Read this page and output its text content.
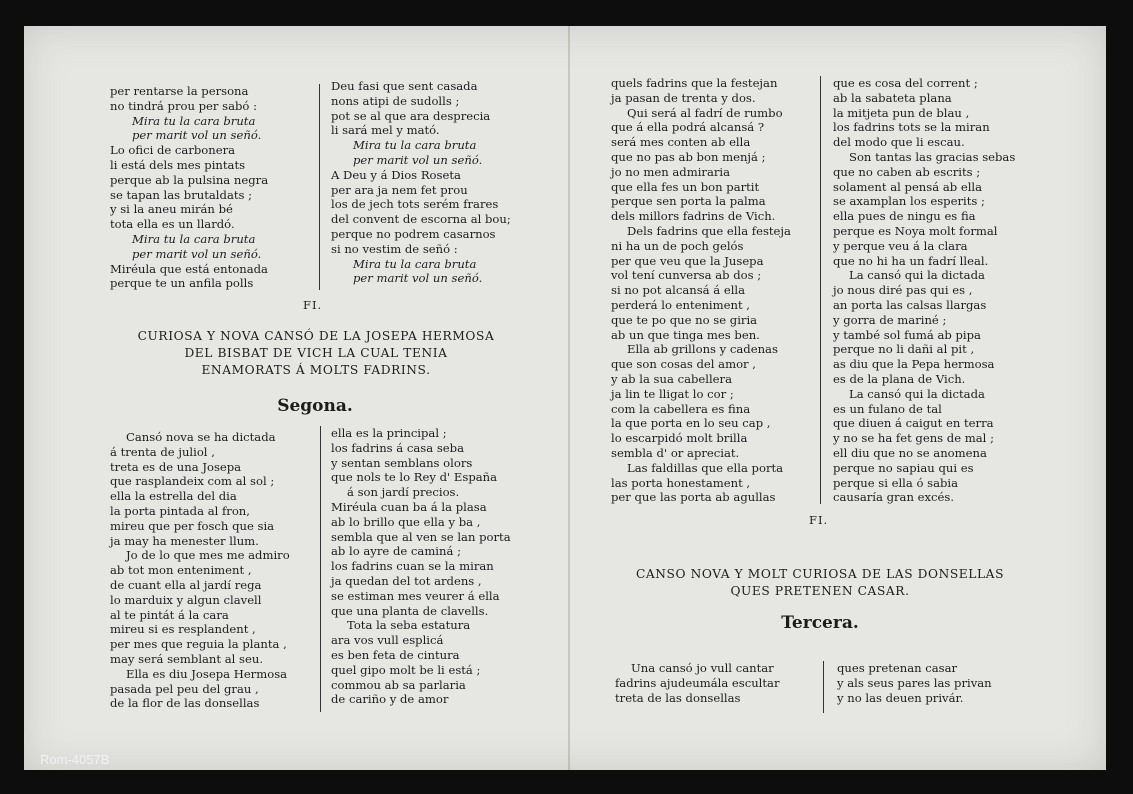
per rentarse la persona
no tindrá prou per sabó :
Mira tu la cara bruta
per marit vol un señó.
Lo ofici de carbonera
li está dels mes pintats
perque ab la pulsina negra
se tapan las brutaldats ;
y si la aneu mirán bé
tota ella es un llardó.
Mira tu la cara bruta
per marit vol un señó.
Miréula que está entonada
perque te un anfila polls
Deu fasi que sent casada
nons atipi de sudolls ;
pot se al que ara desprecia
li sará mel y mató.
Mira tu la cara bruta
per marit vol un señó.
A Deu y á Dios Roseta
per ara ja nem fet prou
los de jech tots serém frares
del convent de escorna al bou;
perque no podrem casarnos
si no vestim de señó :
Mira tu la cara bruta
per marit vol un señó.
FI.
CURIOSA Y NOVA CANSÓ DE LA JOSEPA HERMOSA
DEL BISBAT DE VICH LA CUAL TENIA
ENAMORATS Á MOLTS FADRINS.
Segona.
Cansó nova se ha dictada
á trenta de juliol ,
treta es de una Josepa
que rasplandeix com al sol ;
ella la estrella del dia
la porta pintada al fron,
mireu que per fosch que sia
ja may ha menester llum.
Jo de lo que mes me admiro
ab tot mon enteniment ,
de cuant ella al jardí rega
lo marduix y algun clavell
al te pintát á la cara
mireu si es resplandent ,
per mes que reguia la planta ,
may será semblant al seu.
Ella es diu Josepa Hermosa
pasada pel peu del grau ,
de la flor de las donsellas
ella es la principal ;
los fadrins á casa seba
y sentan semblans olors
que nols te lo Rey d' España
á son jardí precios.
Miréula cuan ba á la plasa
ab lo brillo que ella y ba ,
sembla que al ven se lan porta
ab lo ayre de caminá ;
los fadrins cuan se la miran
ja quedan del tot ardens ,
se estiman mes veurer á ella
que una planta de clavells.
Tota la seba estatura
ara vos vull esplicá
es ben feta de cintura
quel gipo molt be li está ;
commou ab sa parlaria
de cariño y de amor
quels fadrins que la festejan
ja pasan de trenta y dos.
Qui será al fadrí de rumbo
que á ella podrá alcansá ?
será mes conten ab ella
que no pas ab bon menjá ;
jo no men admiraria
que ella fes un bon partit
perque sen porta la palma
dels millors fadrins de Vich.
Dels fadrins que ella festeja
ni ha un de poch gelós
per que veu que la Jusepa
vol tení cunversa ab dos ;
si no pot alcansá á ella
perderá lo enteniment ,
que te po que no se giria
ab un que tinga mes ben.
Ella ab grillons y cadenas
que son cosas del amor ,
y ab la sua cabellera
ja lin te lligat lo cor ;
com la cabellera es fina
la que porta en lo seu cap ,
lo escarpidó molt brilla
sembla d' or apreciat.
Las faldillas que ella porta
las porta honestament ,
per que las porta ab agullas
que es cosa del corrent ;
ab la sabateta plana
la mitjeta pun de blau ,
los fadrins tots se la miran
del modo que li escau.
Son tantas las gracias sebas
que no caben ab escrits ;
solament al pensá ab ella
se axamplan los esperits ;
ella pues de ningu es fia
perque es Noya molt formal
y perque veu á la clara
que no hi ha un fadrí lleal.
La cansó qui la dictada
jo nous diré pas qui es ,
an porta las calsas llargas
y gorra de mariné ;
y també sol fumá ab pipa
perque no li dañi al pit ,
as diu que la Pepa hermosa
es de la plana de Vich.
La cansó qui la dictada
es un fulano de tal
que diuen á caigut en terra
y no se ha fet gens de mal ;
ell diu que no se anomena
perque no sapiau qui es
perque si ella ó sabia
causaría gran excés.
FI.
CANSO NOVA Y MOLT CURIOSA DE LAS DONSELLAS
QUES PRETENEN CASAR.
Tercera.
Una cansó jo vull cantar
fadrins ajudeumála escultar
treta de las donsellas
ques pretenan casar
y als seus pares las privan
y no las deuen privár.
Rom-4057B
